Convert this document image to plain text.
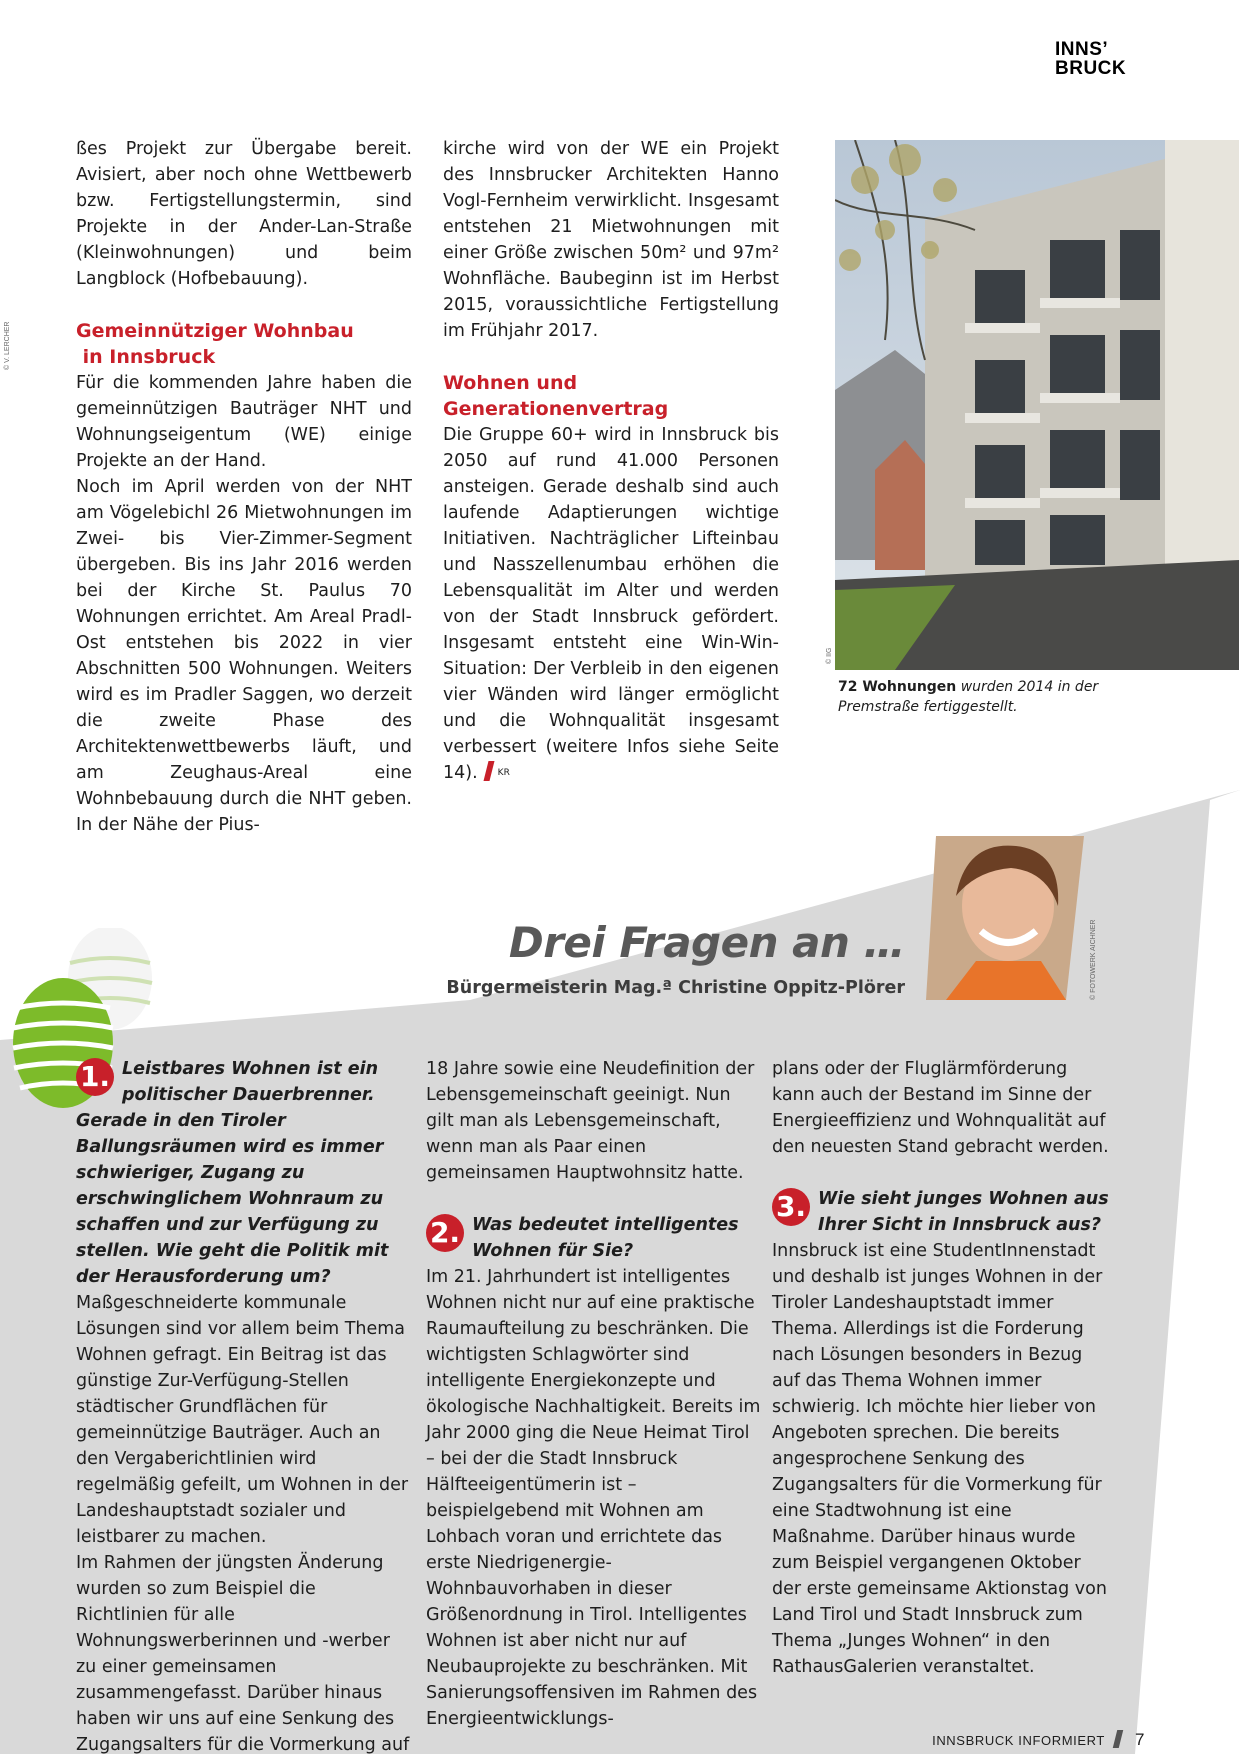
INNS’
BRUCK
© V. LERCHER
© IIG

ßes Projekt zur Übergabe bereit. Avisiert, aber noch ohne Wettbewerb bzw. Fertigstellungstermin, sind Projekte in der Ander-Lan-Straße (Kleinwohnungen) und beim Langblock (Hofbebauung).

Gemeinnütziger Wohnbau
in Innsbruck

Für die kommenden Jahre haben die gemeinnützigen Bauträger NHT und Wohnungseigentum (WE) einige Projekte an der Hand.

Noch im April werden von der NHT am Vögelebichl 26 Mietwohnungen im Zwei- bis Vier-Zimmer-Segment übergeben. Bis ins Jahr 2016 werden bei der Kirche St. Paulus 70 Wohnungen errichtet. Am Areal Pradl-Ost entstehen bis 2022 in vier Abschnitten 500 Wohnungen. Weiters wird es im Pradler Saggen, wo derzeit die zweite Phase des Architektenwettbewerbs läuft, und am Zeughaus-Areal eine Wohnbebauung durch die NHT geben. In der Nähe der Pius-

kirche wird von der WE ein Projekt des Innsbrucker Architekten Hanno Vogl-Fernheim verwirklicht. Insgesamt entstehen 21 Mietwohnungen mit einer Größe zwischen 50m² und 97m² Wohnfläche. Baubeginn ist im Herbst 2015, voraussichtliche Fertigstellung im Frühjahr 2017.

Wohnen und
Generationenvertrag

Die Gruppe 60+ wird in Innsbruck bis 2050 auf rund 41.000 Personen ansteigen. Gerade deshalb sind auch laufende Adaptierungen wichtige Initiativen. Nachträglicher Lifteinbau und Nasszellenumbau erhöhen die Lebensqualität im Alter und werden von der Stadt Innsbruck gefördert. Insgesamt entsteht eine Win-Win-Situation: Der Verbleib in den eigenen vier Wänden wird länger ermöglicht und die Wohnqualität insgesamt verbessert (weitere Infos siehe Seite 14). $^{KR}$

72 Wohnungen wurden 2014 in der Premstraße fertiggestellt.
© FOTOWERK AICHNER
Drei Fragen an …
Bürgermeisterin Mag.ª Christine Oppitz-Plörer

1. Leistbares Wohnen ist ein politischer Dauerbrenner. Gerade in den Tiroler Ballungsräumen wird es immer schwieriger, Zugang zu erschwinglichem Wohnraum zu schaffen und zur Verfügung zu stellen. Wie geht die Politik mit der Herausforderung um?

Maßgeschneiderte kommunale Lösungen sind vor allem beim Thema Wohnen gefragt. Ein Beitrag ist das günstige Zur-Verfügung-Stellen städtischer Grundflächen für gemeinnützige Bauträger. Auch an den Vergaberichtlinien wird regelmäßig gefeilt, um Wohnen in der Landeshauptstadt sozialer und leistbarer zu machen.

Im Rahmen der jüngsten Änderung wurden so zum Beispiel die Richtlinien für alle Wohnungswerberinnen und -werber zu einer gemeinsamen zusammengefasst. Darüber hinaus haben wir uns auf eine Senkung des Zugangsalters für die Vormerkung auf

18 Jahre sowie eine Neudefinition der Lebensgemeinschaft geeinigt. Nun gilt man als Lebensgemeinschaft, wenn man als Paar einen gemeinsamen Hauptwohnsitz hatte.

2. Was bedeutet intelligentes Wohnen für Sie?

Im 21. Jahrhundert ist intelligentes Wohnen nicht nur auf eine praktische Raumaufteilung zu beschränken. Die wichtigsten Schlagwörter sind intelligente Energiekonzepte und ökologische Nachhaltigkeit. Bereits im Jahr 2000 ging die Neue Heimat Tirol – bei der die Stadt Innsbruck Hälfteeigentümerin ist – beispielgebend mit Wohnen am Lohbach voran und errichtete das erste Niedrigenergie-Wohnbauvorhaben in dieser Größenordnung in Tirol. Intelligentes Wohnen ist aber nicht nur auf Neubauprojekte zu beschränken. Mit Sanierungsoffensiven im Rahmen des Energieentwicklungs-

plans oder der Fluglärmförderung kann auch der Bestand im Sinne der Energieeffizienz und Wohnqualität auf den neuesten Stand gebracht werden.

3. Wie sieht junges Wohnen aus Ihrer Sicht in Innsbruck aus?

Innsbruck ist eine StudentInnenstadt und deshalb ist junges Wohnen in der Tiroler Landeshauptstadt immer Thema. Allerdings ist die Forderung nach Lösungen besonders in Bezug auf das Thema Wohnen immer schwierig. Ich möchte hier lieber von Angeboten sprechen. Die bereits angesprochene Senkung des Zugangsalters für die Vormerkung für eine Stadtwohnung ist eine Maßnahme. Darüber hinaus wurde zum Beispiel vergangenen Oktober der erste gemeinsame Aktionstag von Land Tirol und Stadt Innsbruck zum Thema „Junges Wohnen“ in den RathausGalerien veranstaltet.

INNSBRUCK INFORMIERT 7
